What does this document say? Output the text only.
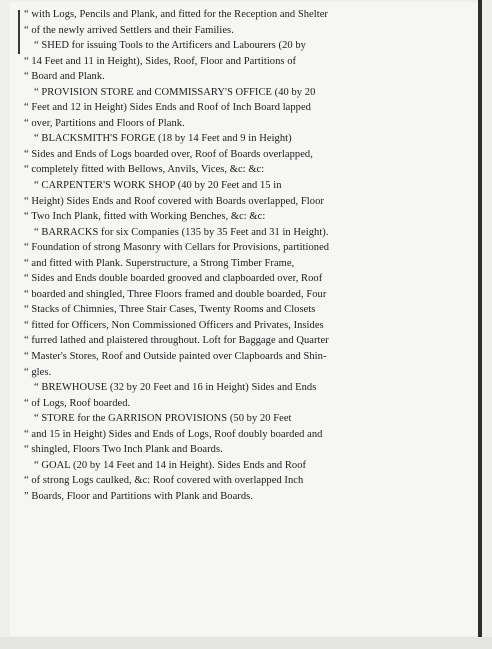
“ with Logs, Pencils and Plank, and fitted for the Reception and Shelter
“ of the newly arrived Settlers and their Families.
“ SHED for issuing Tools to the Artificers and Labourers (20 by
“ 14 Feet and 11 in Height), Sides, Roof, Floor and Partitions of
“ Board and Plank.
“ PROVISION STORE and COMMISSARY'S OFFICE (40 by 20
“ Feet and 12 in Height) Sides Ends and Roof of Inch Board lapped
“ over, Partitions and Floors of Plank.
“ BLACKSMITH'S FORGE (18 by 14 Feet and 9 in Height)
“ Sides and Ends of Logs boarded over, Roof of Boards overlapped,
“ completely fitted with Bellows, Anvils, Vices, &c: &c:
“ CARPENTER'S WORK SHOP (40 by 20 Feet and 15 in
“ Height) Sides Ends and Roof covered with Boards overlapped, Floor
“ Two Inch Plank, fitted with Working Benches, &c: &c:
“ BARRACKS for six Companies (135 by 35 Feet and 31 in Height).
“ Foundation of strong Masonry with Cellars for Provisions, partitioned
“ and fitted with Plank. Superstructure, a Strong Timber Frame,
“ Sides and Ends double boarded grooved and clapboarded over, Roof
“ boarded and shingled, Three Floors framed and double boarded, Four
“ Stacks of Chimnies, Three Stair Cases, Twenty Rooms and Closets
“ fitted for Officers, Non Commissioned Officers and Privates, Insides
“ furred lathed and plaistered throughout. Loft for Baggage and Quarter
“ Master's Stores, Roof and Outside painted over Clapboards and Shin-
“ gles.
“ BREWHOUSE (32 by 20 Feet and 16 in Height) Sides and Ends
“ of Logs, Roof boarded.
“ STORE for the GARRISON PROVISIONS (50 by 20 Feet
“ and 15 in Height) Sides and Ends of Logs, Roof doubly boarded and
“ shingled, Floors Two Inch Plank and Boards.
“ GOAL (20 by 14 Feet and 14 in Height). Sides Ends and Roof
“ of strong Logs caulked, &c: Roof covered with overlapped Inch
” Boards, Floor and Partitions with Plank and Boards.
